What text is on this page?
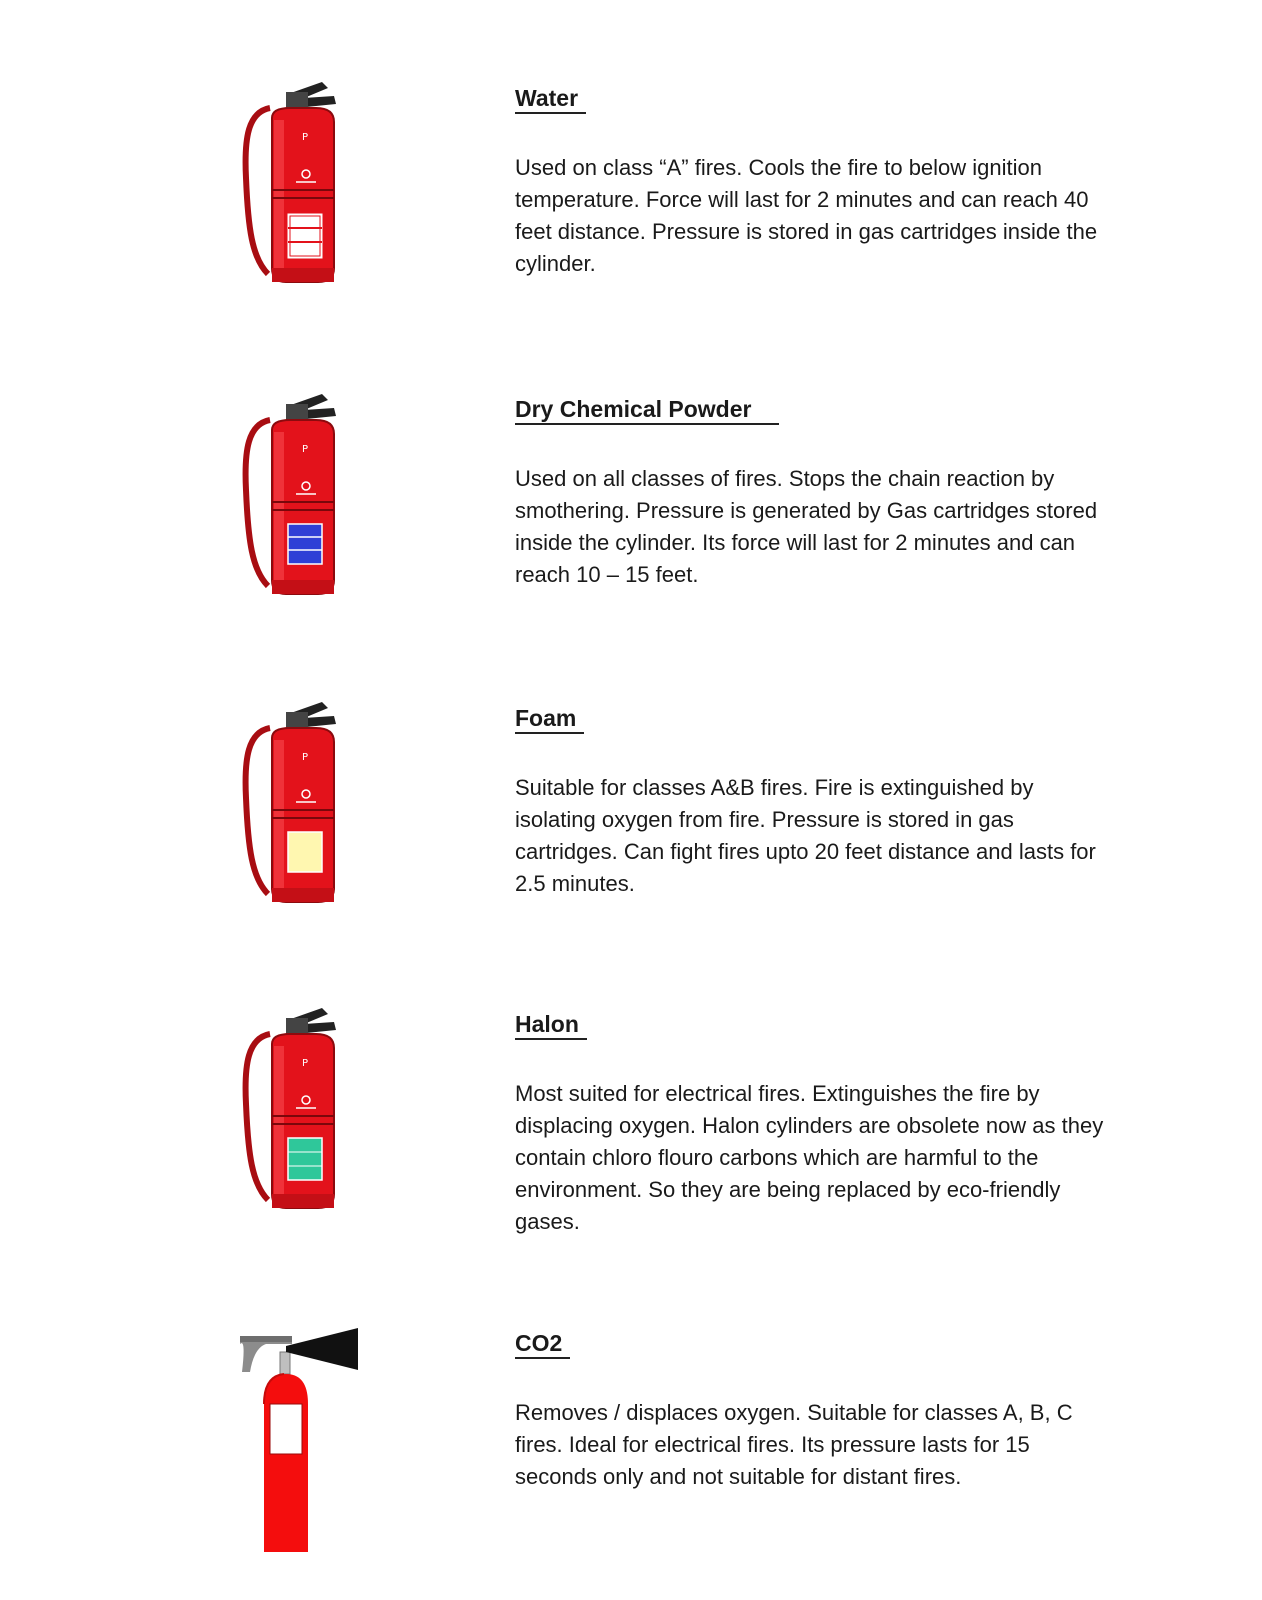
P
Water
Used on class “A” fires. Cools the fire to below ignition temperature. Force will last for 2 minutes and can reach 40 feet distance. Pressure is stored in gas cartridges inside the cylinder.
P
Dry Chemical Powder
Used on all classes of fires. Stops the chain reaction by smothering. Pressure is generated by Gas cartridges stored inside the cylinder. Its force will last for 2 minutes and can reach 10 – 15 feet.
P
Foam
Suitable for classes A&B fires. Fire is extinguished by isolating oxygen from fire. Pressure is stored in gas cartridges. Can fight fires upto 20 feet distance and lasts for 2.5 minutes.
P
Halon
Most suited for electrical fires. Extinguishes the fire by displacing oxygen. Halon cylinders are obsolete now as they contain chloro flouro carbons which are harmful to the environment. So they are being replaced by eco-friendly gases.
CO2
Removes / displaces oxygen. Suitable for classes A, B, C fires. Ideal for electrical fires. Its pressure lasts for 15 seconds only and not suitable for distant fires.
